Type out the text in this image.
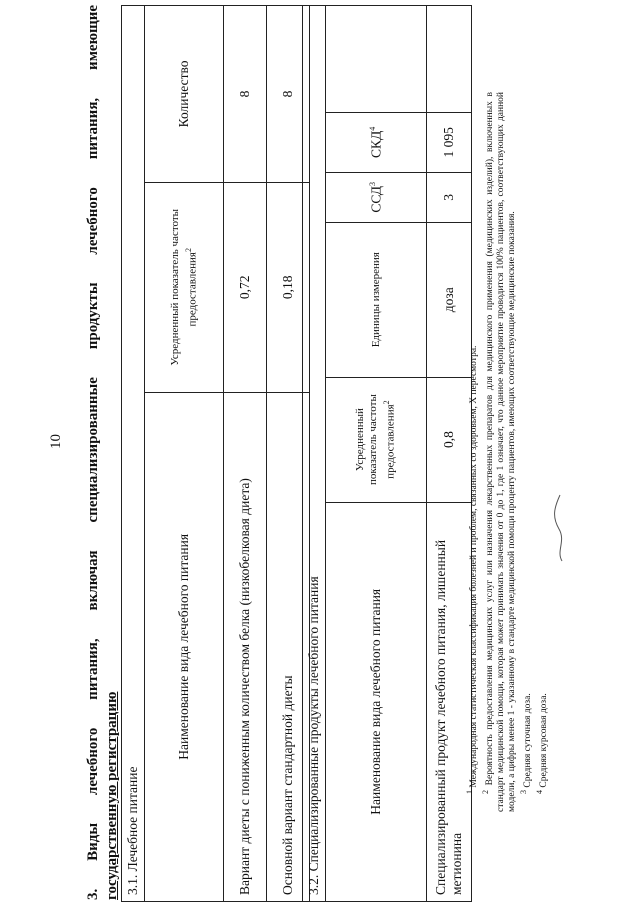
10 3. Виды лечебного питания, включая специализированные продукты лечебного питания, имеющие государственную регистрацию 3.1. Лечебное питание		
Наименование вида лечебного питания	Усредненный показатель частоты предоставления$^2$	Количество
Вариант диеты с пониженным количеством белка (низкобелковая диета)	0,72	8
Основной вариант стандартной диеты	0,18	8
3.2. Специализированные продукты лечебного питания					
Наименование вида лечебного питания	Усредненный показатель частоты предоставления$^2$	Единицы измерения	ССД$^3$	СКД$^4$	
Специализированный продукт лечебного питания, лишенный метионина	0,8	доза	3	1 095	

$^1$ Международная статистическая классификация болезней и проблем, связанных со здоровьем, X пересмотра.

$^2$ Вероятность предоставления медицинских услуг или назначения лекарственных препаратов для медицинского применения (медицинских изделий), включенных в стандарт медицинской помощи, которая может принимать значения от 0 до 1, где 1 означает, что данное мероприятие проводится 100% пациентов, соответствующих данной модели, а цифры менее 1 - указанному в стандарте медицинской помощи проценту пациентов, имеющих соответствующие медицинские показания. $^3$ Средняя суточная доза.

$^4$ Средняя курсовая доза.
